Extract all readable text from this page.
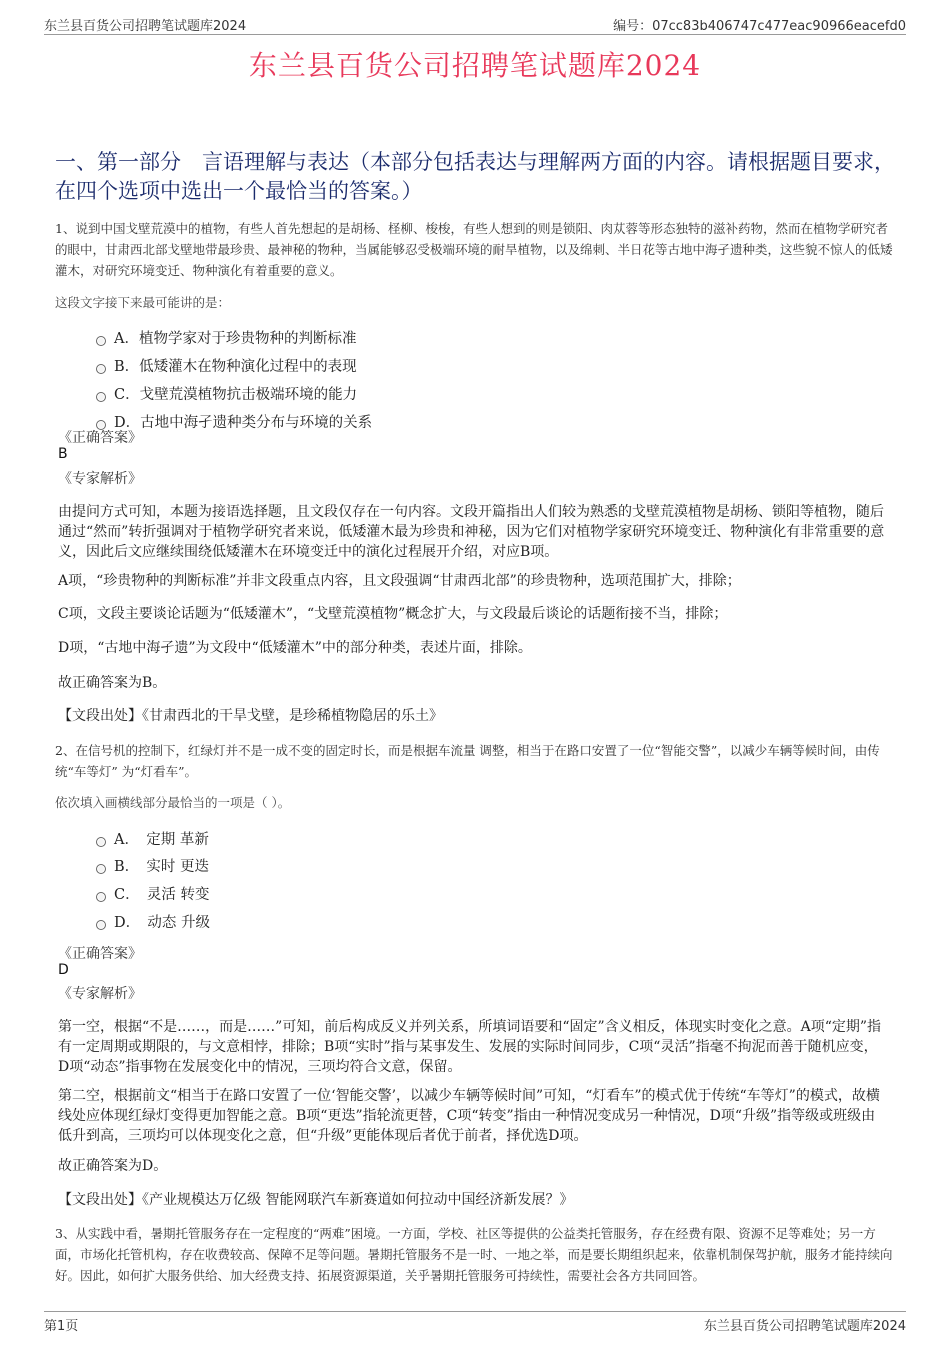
东兰县百货公司招聘笔试题库2024	编号：07cc83b406747c477eac90966eacefd0
东兰县百货公司招聘笔试题库2024
一、第一部分　言语理解与表达（本部分包括表达与理解两方面的内容。请根据题目要求，在四个选项中选出一个最恰当的答案。）
1、说到中国戈壁荒漠中的植物，有些人首先想起的是胡杨、柽柳、梭梭，有些人想到的则是锁阳、肉苁蓉等形态独特的滋补药物，然而在植物学研究者的眼中，甘肃西北部戈壁地带最珍贵、最神秘的物种，当属能够忍受极端环境的耐旱植物，以及绵刺、半日花等古地中海孑遗种类，这些貌不惊人的低矮灌木，对研究环境变迁、物种演化有着重要的意义。
这段文字接下来最可能讲的是：
A．植物学家对于珍贵物种的判断标准
B．低矮灌木在物种演化过程中的表现
C．戈壁荒漠植物抗击极端环境的能力
D．古地中海孑遗种类分布与环境的关系
《正确答案》
B
《专家解析》
由提问方式可知，本题为接语选择题，且文段仅存在一句内容。文段开篇指出人们较为熟悉的戈壁荒漠植物是胡杨、锁阳等植物，随后通过“然而”转折强调对于植物学研究者来说，低矮灌木最为珍贵和神秘，因为它们对植物学家研究环境变迁、物种演化有非常重要的意义，因此后文应继续围绕低矮灌木在环境变迁中的演化过程展开介绍，对应B项。
A项，“珍贵物种的判断标准”并非文段重点内容，且文段强调“甘肃西北部”的珍贵物种，选项范围扩大，排除；
C项，文段主要谈论话题为“低矮灌木”，“戈壁荒漠植物”概念扩大，与文段最后谈论的话题衔接不当，排除；
D项，“古地中海孑遗”为文段中“低矮灌木”中的部分种类，表述片面，排除。
故正确答案为B。
【文段出处】《甘肃西北的干旱戈壁，是珍稀植物隐居的乐土》
2、在信号机的控制下，红绿灯并不是一成不变的固定时长，而是根据车流量 调整，相当于在路口安置了一位“智能交警”，以减少车辆等候时间，由传统“车等灯” 为“灯看车”。
依次填入画横线部分最恰当的一项是（ ）。
A．　定期 革新
B．　实时 更迭
C．　灵活 转变
D．　动态 升级
《正确答案》
D
《专家解析》
第一空，根据“不是……，而是……”可知，前后构成反义并列关系，所填词语要和“固定”含义相反，体现实时变化之意。A项“定期”指有一定周期或期限的，与文意相悖，排除；B项“实时”指与某事发生、发展的实际时间同步，C项“灵活”指毫不拘泥而善于随机应变，D项“动态”指事物在发展变化中的情况，三项均符合文意，保留。
第二空，根据前文“相当于在路口安置了一位‘智能交警’，以减少车辆等候时间”可知，“灯看车”的模式优于传统“车等灯”的模式，故横线处应体现红绿灯变得更加智能之意。B项“更迭”指轮流更替，C项“转变”指由一种情况变成另一种情况，D项“升级”指等级或班级由低升到高，三项均可以体现变化之意，但“升级”更能体现后者优于前者，择优选D项。
故正确答案为D。
【文段出处】《产业规模达万亿级 智能网联汽车新赛道如何拉动中国经济新发展？》
3、从实践中看，暑期托管服务存在一定程度的“两难”困境。一方面，学校、社区等提供的公益类托管服务，存在经费有限、资源不足等难处；另一方面，市场化托管机构，存在收费较高、保障不足等问题。暑期托管服务不是一时、一地之举，而是要长期组织起来，依靠机制保驾护航，服务才能持续向好。因此，如何扩大服务供给、加大经费支持、拓展资源渠道，关乎暑期托管服务可持续性，需要社会各方共同回答。
第1页	东兰县百货公司招聘笔试题库2024
